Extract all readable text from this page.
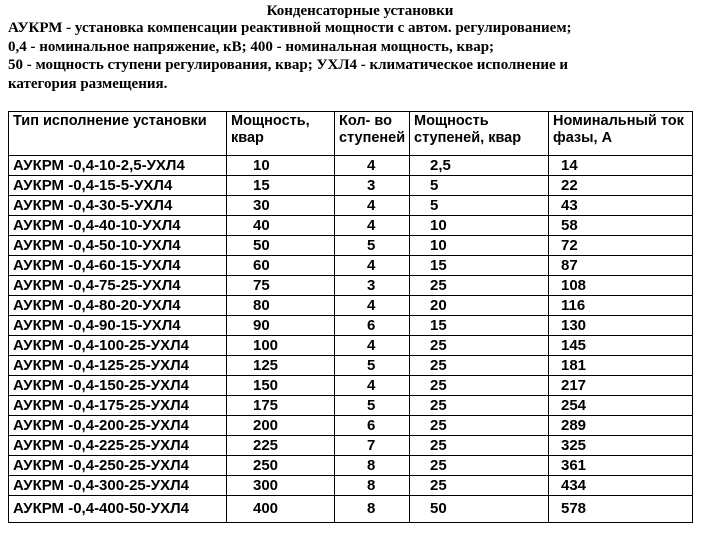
Конденсаторные установки
АУКРМ - установка компенсации реактивной мощности с автом. регулированием;
0,4 - номинальное напряжение, кВ; 400 - номинальная мощность, квар;
50 - мощность ступени регулирования, квар; УХЛ4 - климатическое исполнение и
категория размещения.
Тип исполнение установки	Мощность, квар	Кол- во ступеней	Мощность ступеней, квар	Номинальный ток фазы, А
АУКРМ -0,4-10-2,5-УХЛ4	10	4	2,5	14
АУКРМ -0,4-15-5-УХЛ4	15	3	5	22
АУКРМ -0,4-30-5-УХЛ4	30	4	5	43
АУКРМ -0,4-40-10-УХЛ4	40	4	10	58
АУКРМ -0,4-50-10-УХЛ4	50	5	10	72
АУКРМ -0,4-60-15-УХЛ4	60	4	15	87
АУКРМ -0,4-75-25-УХЛ4	75	3	25	108
АУКРМ -0,4-80-20-УХЛ4	80	4	20	116
АУКРМ -0,4-90-15-УХЛ4	90	6	15	130
АУКРМ -0,4-100-25-УХЛ4	100	4	25	145
АУКРМ -0,4-125-25-УХЛ4	125	5	25	181
АУКРМ -0,4-150-25-УХЛ4	150	4	25	217
АУКРМ -0,4-175-25-УХЛ4	175	5	25	254
АУКРМ -0,4-200-25-УХЛ4	200	6	25	289
АУКРМ -0,4-225-25-УХЛ4	225	7	25	325
АУКРМ -0,4-250-25-УХЛ4	250	8	25	361
АУКРМ -0,4-300-25-УХЛ4	300	8	25	434
АУКРМ -0,4-400-50-УХЛ4	400	8	50	578
